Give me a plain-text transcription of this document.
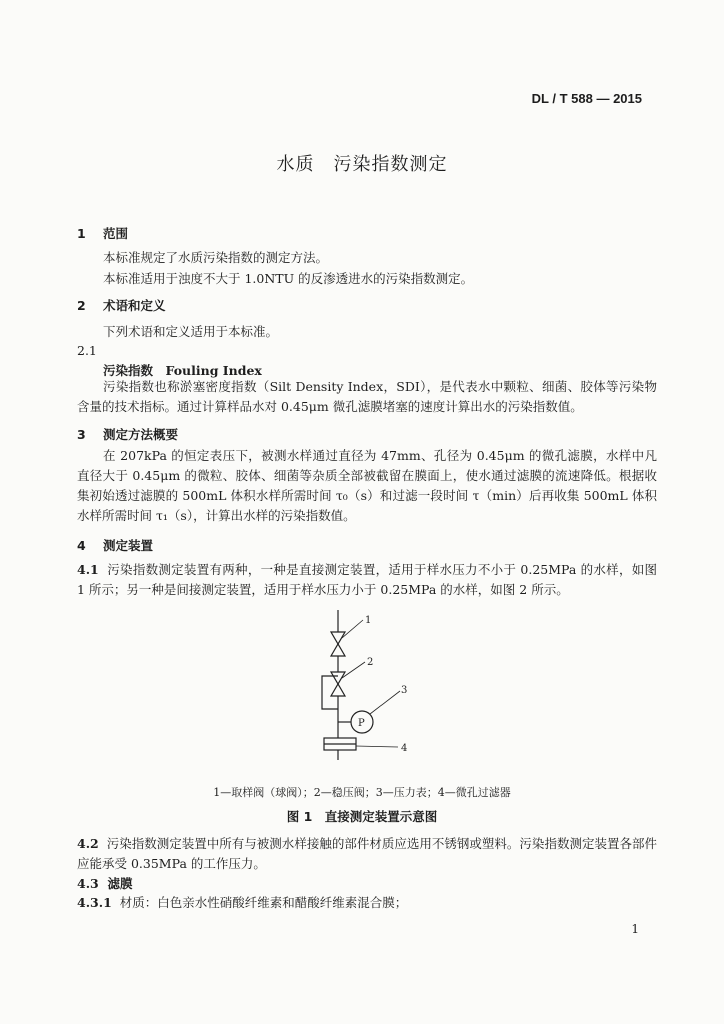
DL / T 588 — 2015
水质　污染指数测定
1 范围
本标准规定了水质污染指数的测定方法。
本标准适用于浊度不大于 1.0NTU 的反渗透进水的污染指数测定。
2 术语和定义
下列术语和定义适用于本标准。
2.1
污染指数　Fouling Index
污染指数也称淤塞密度指数（Silt Density Index，SDI），是代表水中颗粒、细菌、胶体等污染物含量的技术指标。通过计算样品水对 0.45μm 微孔滤膜堵塞的速度计算出水的污染指数值。
3 测定方法概要
在 207kPa 的恒定表压下，被测水样通过直径为 47mm、孔径为 0.45μm 的微孔滤膜，水样中凡直径大于 0.45μm 的微粒、胶体、细菌等杂质全部被截留在膜面上，使水通过滤膜的流速降低。根据收集初始透过滤膜的 500mL 体积水样所需时间 τ₀（s）和过滤一段时间 τ（min）后再收集 500mL 体积水样所需时间 τ₁（s），计算出水样的污染指数值。
4 测定装置
4.1 污染指数测定装置有两种，一种是直接测定装置，适用于样水压力不小于 0.25MPa 的水样，如图 1 所示；另一种是间接测定装置，适用于样水压力小于 0.25MPa 的水样，如图 2 所示。
1
2
3
4
P
1—取样阀（球阀）；2—稳压阀；3—压力表；4—微孔过滤器
图 1　直接测定装置示意图
4.2 污染指数测定装置中所有与被测水样接触的部件材质应选用不锈钢或塑料。污染指数测定装置各部件应能承受 0.35MPa 的工作压力。
4.3 滤膜
4.3.1 材质：白色亲水性硝酸纤维素和醋酸纤维素混合膜；
1
